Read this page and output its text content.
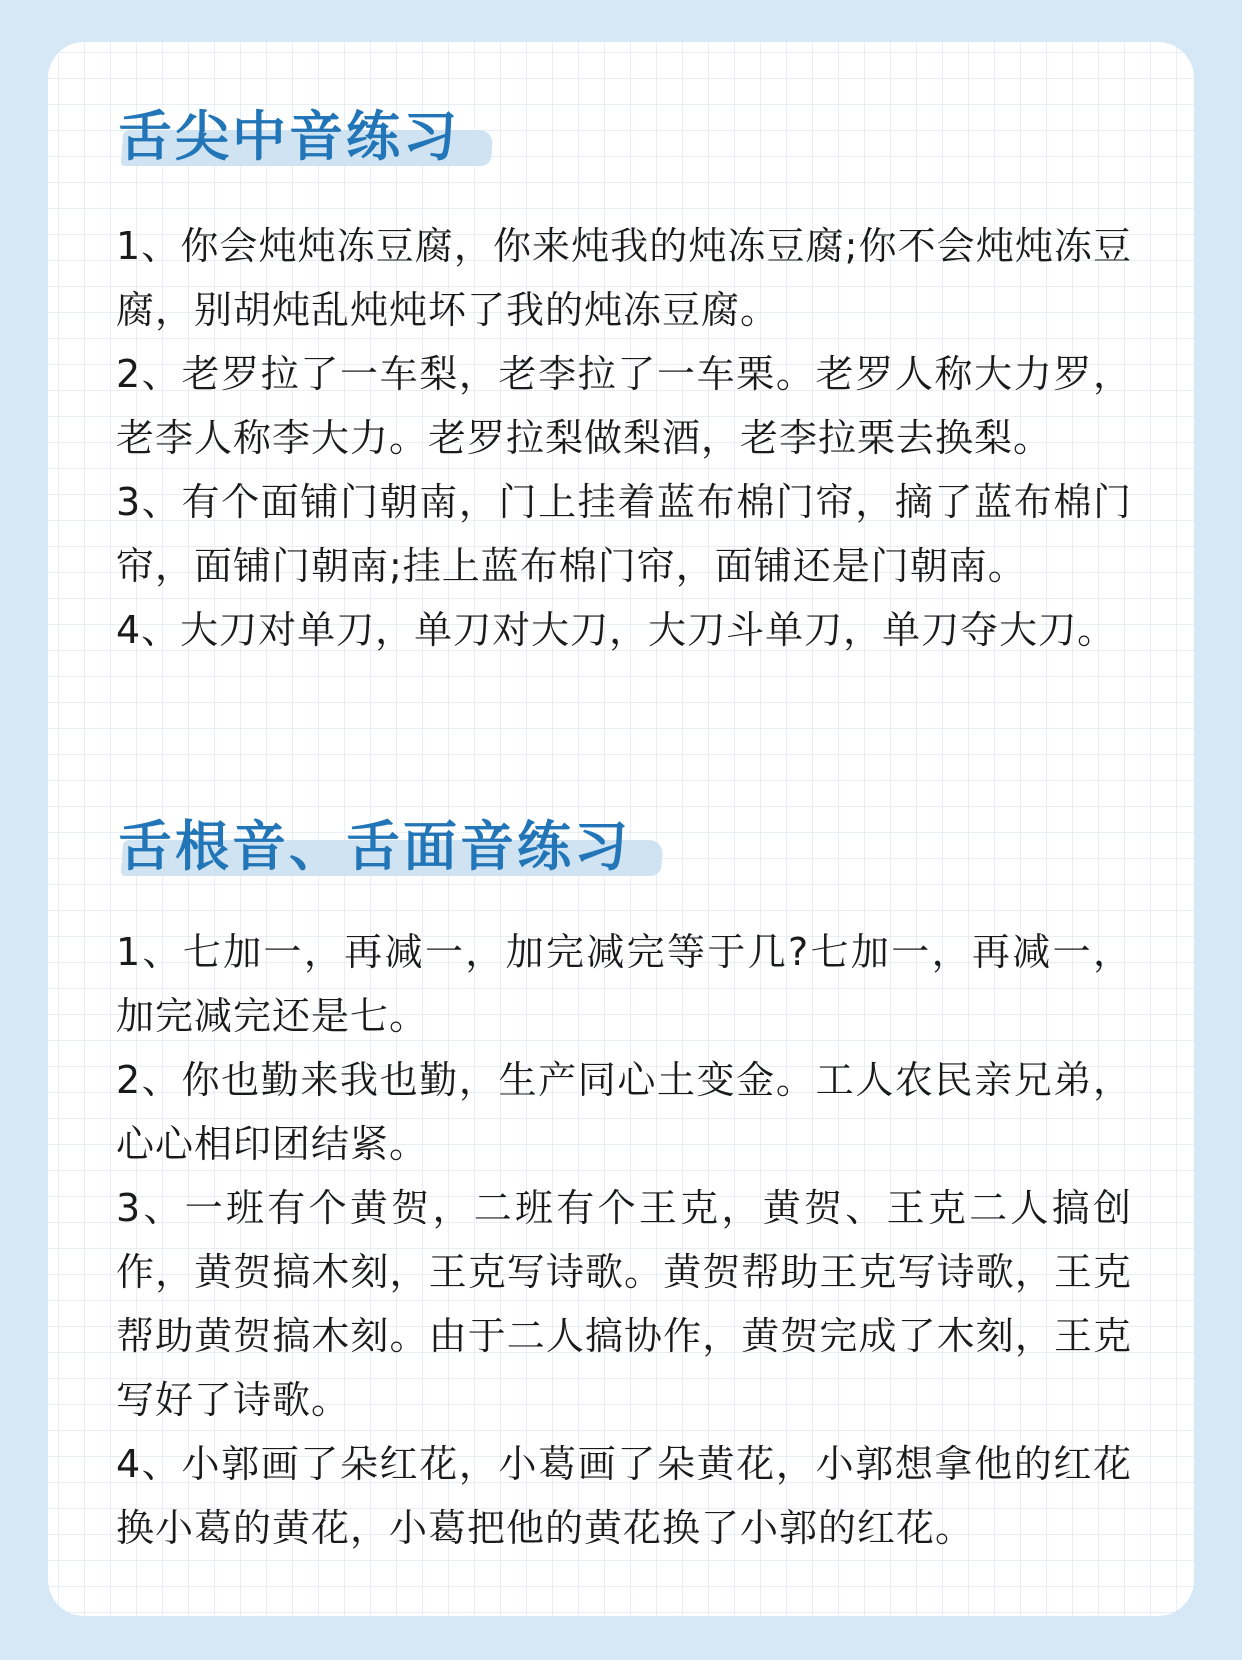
舌尖中音练习

1、你会炖炖冻豆腐，你来炖我的炖冻豆腐;你不会炖炖冻豆腐，别胡炖乱炖炖坏了我的炖冻豆腐。

2、老罗拉了一车梨，老李拉了一车栗。老罗人称大力罗，老李人称李大力。老罗拉梨做梨酒，老李拉栗去换梨。

3、有个面铺门朝南，门上挂着蓝布棉门帘，摘了蓝布棉门帘，面铺门朝南;挂上蓝布棉门帘，面铺还是门朝南。

4、大刀对单刀，单刀对大刀，大刀斗单刀，单刀夺大刀。

舌根音、舌面音练习

1、七加一，再减一，加完减完等于几?七加一，再减一，加完减完还是七。

2、你也勤来我也勤，生产同心土变金。工人农民亲兄弟，心心相印团结紧。

3、一班有个黄贺，二班有个王克，黄贺、王克二人搞创作，黄贺搞木刻，王克写诗歌。黄贺帮助王克写诗歌，王克帮助黄贺搞木刻。由于二人搞协作，黄贺完成了木刻，王克写好了诗歌。

4、小郭画了朵红花，小葛画了朵黄花，小郭想拿他的红花换小葛的黄花，小葛把他的黄花换了小郭的红花。
